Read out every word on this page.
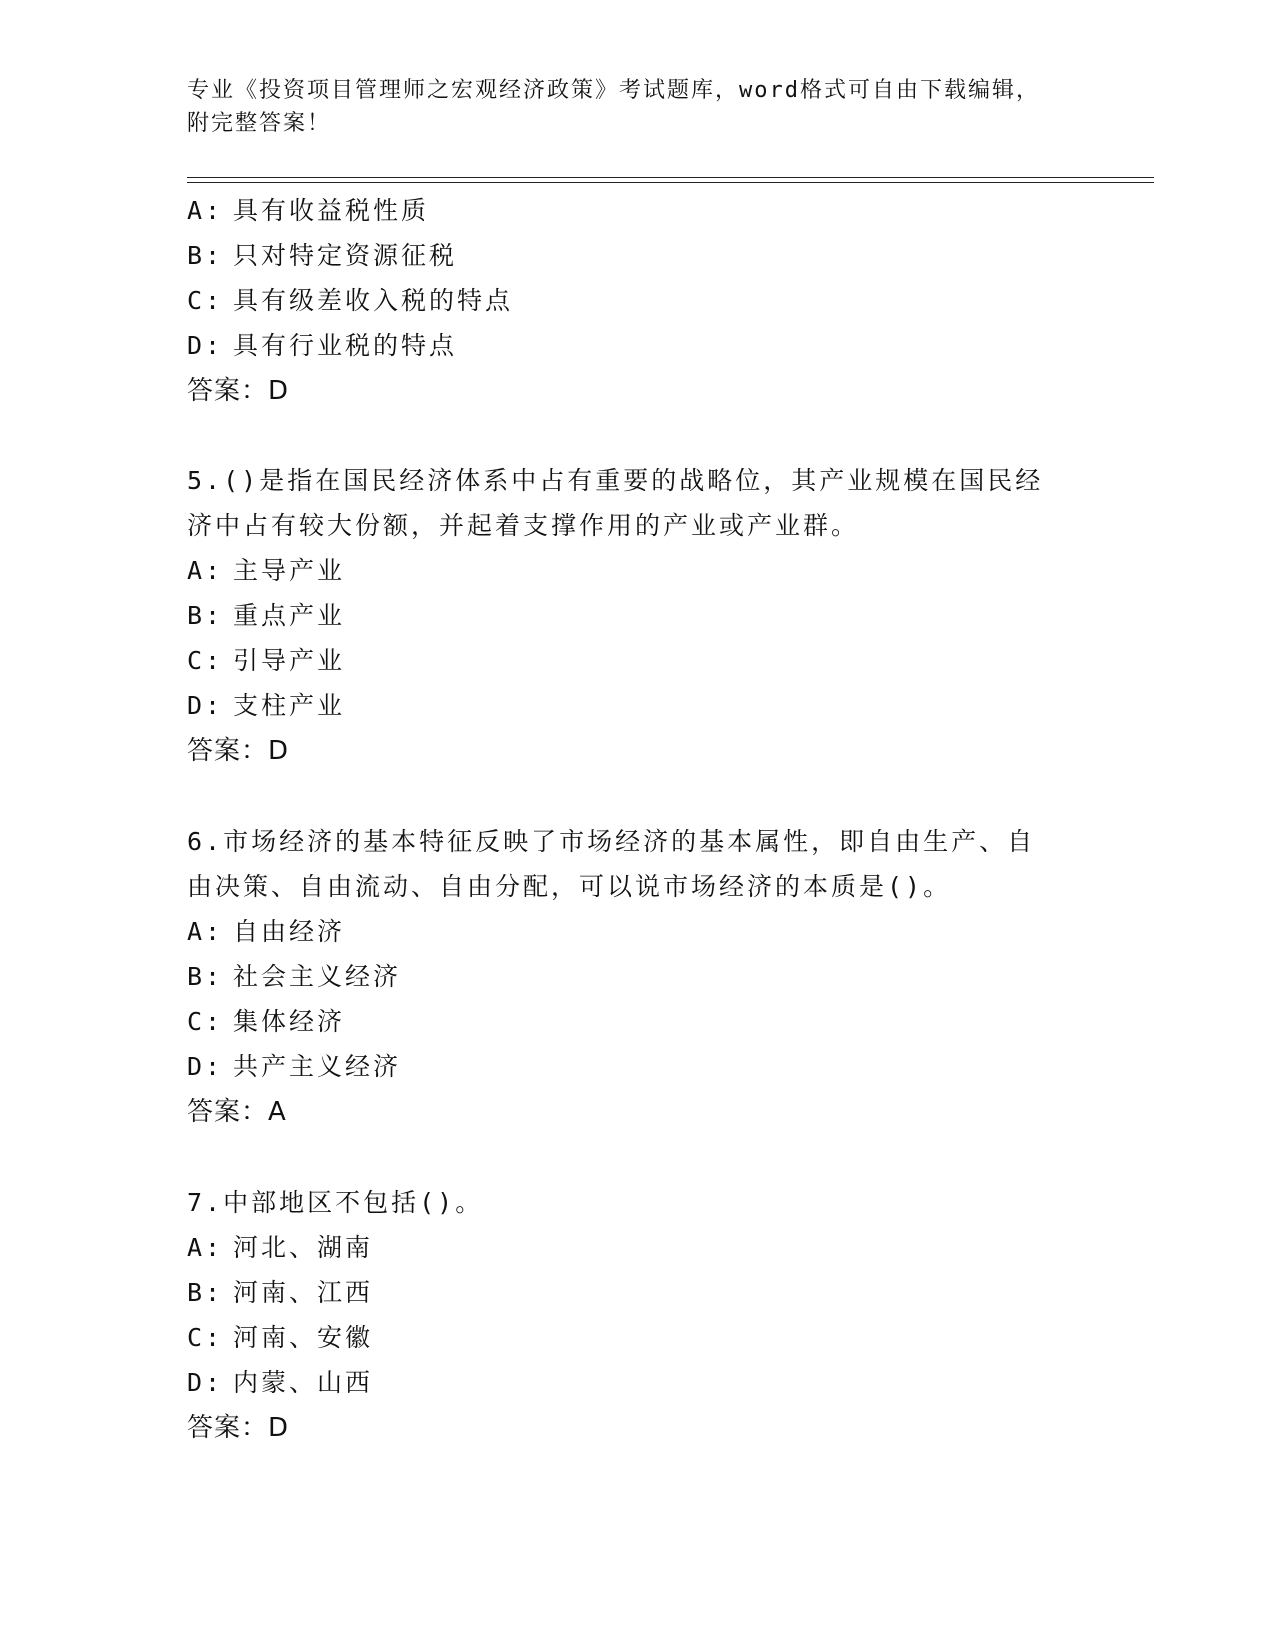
专业《投资项目管理师之宏观经济政策》考试题库，word格式可自由下载编辑，
附完整答案！
A: 具有收益税性质
B: 只对特定资源征税
C: 具有级差收入税的特点
D: 具有行业税的特点
答案：D
5.()是指在国民经济体系中占有重要的战略位，其产业规模在国民经
济中占有较大份额，并起着支撑作用的产业或产业群。
A: 主导产业
B: 重点产业
C: 引导产业
D: 支柱产业
答案：D
6.市场经济的基本特征反映了市场经济的基本属性，即自由生产、自
由决策、自由流动、自由分配，可以说市场经济的本质是()。
A: 自由经济
B: 社会主义经济
C: 集体经济
D: 共产主义经济
答案：A
7.中部地区不包括()。
A: 河北、湖南
B: 河南、江西
C: 河南、安徽
D: 内蒙、山西
答案：D
